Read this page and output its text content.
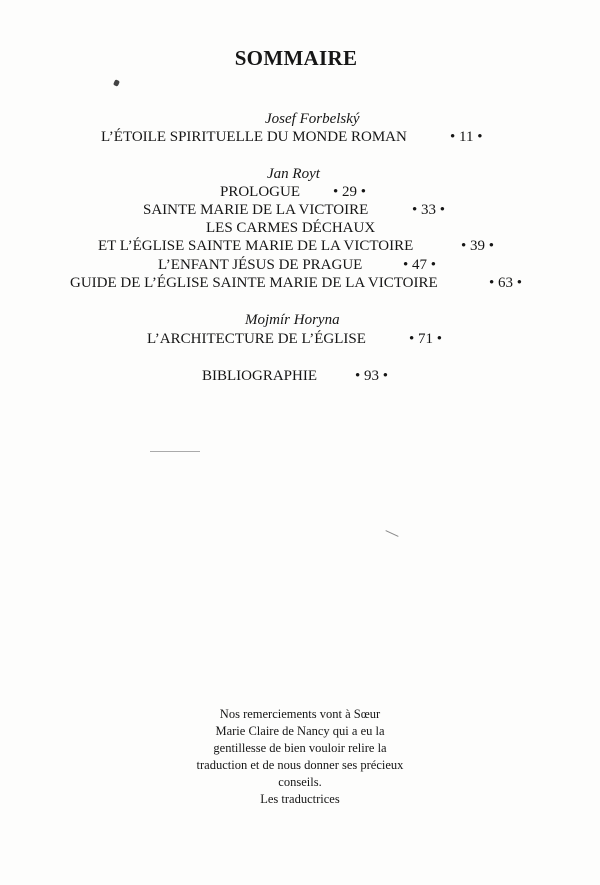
SOMMAIRE
Josef Forbelský
L’ÉTOILE SPIRITUELLE DU MONDE ROMAN	• 11 •
Jan Royt
PROLOGUE • 29 •
SAINTE MARIE DE LA VICTOIRE	• 33 •
LES CARMES DÉCHAUX
ET L’ÉGLISE SAINTE MARIE DE LA VICTOIRE	• 39 •
L’ENFANT JÉSUS DE PRAGUE	• 47 •
GUIDE DE L’ÉGLISE SAINTE MARIE DE LA VICTOIRE	• 63 •
Mojmír Horyna
L’ARCHITECTURE DE L’ÉGLISE	• 71 •
BIBLIOGRAPHIE	• 93 •
Nos remerciements vont à Sœur
Marie Claire de Nancy qui a eu la
gentillesse de bien vouloir relire la
traduction et de nous donner ses précieux
conseils.
Les traductrices
